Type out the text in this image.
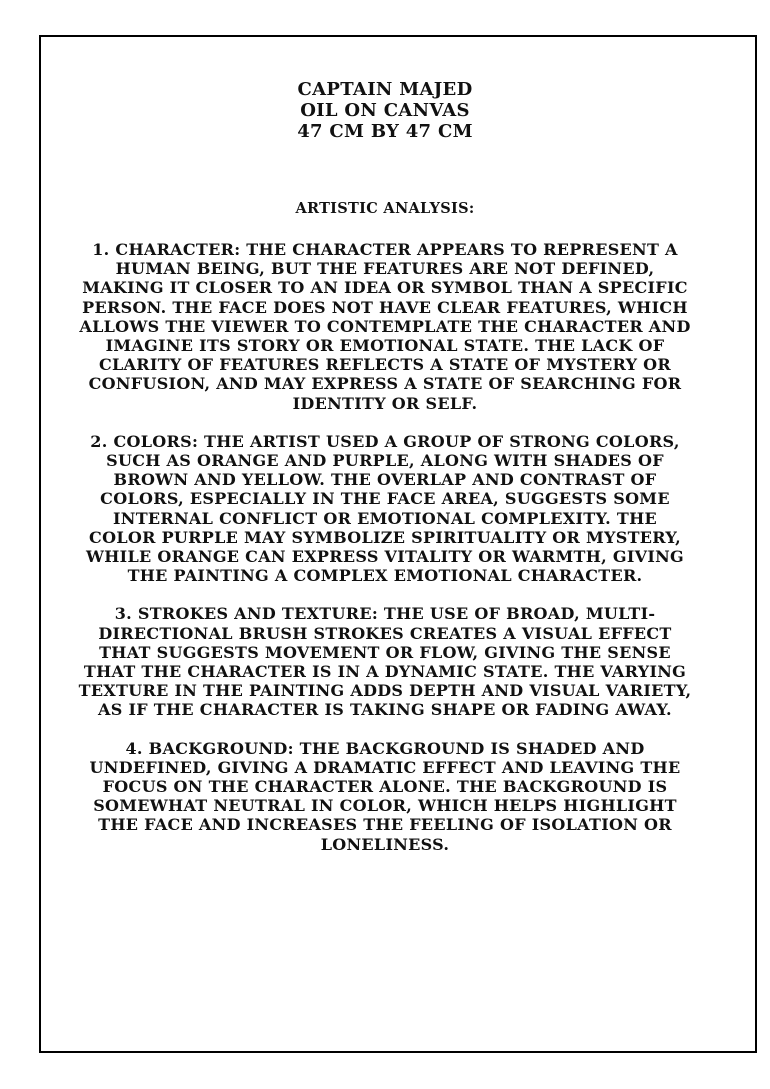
CAPTAIN MAJED
OIL ON CANVAS
47 CM BY 47 CM
ARTISTIC ANALYSIS:

1. CHARACTER: THE CHARACTER APPEARS TO REPRESENT A HUMAN BEING, BUT THE FEATURES ARE NOT DEFINED, MAKING IT CLOSER TO AN IDEA OR SYMBOL THAN A SPECIFIC PERSON. THE FACE DOES NOT HAVE CLEAR FEATURES, WHICH ALLOWS THE VIEWER TO CONTEMPLATE THE CHARACTER AND IMAGINE ITS STORY OR EMOTIONAL STATE. THE LACK OF CLARITY OF FEATURES REFLECTS A STATE OF MYSTERY OR CONFUSION, AND MAY EXPRESS A STATE OF SEARCHING FOR IDENTITY OR SELF.

2. COLORS: THE ARTIST USED A GROUP OF STRONG COLORS, SUCH AS ORANGE AND PURPLE, ALONG WITH SHADES OF BROWN AND YELLOW. THE OVERLAP AND CONTRAST OF COLORS, ESPECIALLY IN THE FACE AREA, SUGGESTS SOME INTERNAL CONFLICT OR EMOTIONAL COMPLEXITY. THE COLOR PURPLE MAY SYMBOLIZE SPIRITUALITY OR MYSTERY, WHILE ORANGE CAN EXPRESS VITALITY OR WARMTH, GIVING THE PAINTING A COMPLEX EMOTIONAL CHARACTER.

3. STROKES AND TEXTURE: THE USE OF BROAD, MULTI-DIRECTIONAL BRUSH STROKES CREATES A VISUAL EFFECT THAT SUGGESTS MOVEMENT OR FLOW, GIVING THE SENSE THAT THE CHARACTER IS IN A DYNAMIC STATE. THE VARYING TEXTURE IN THE PAINTING ADDS DEPTH AND VISUAL VARIETY, AS IF THE CHARACTER IS TAKING SHAPE OR FADING AWAY.

4. BACKGROUND: THE BACKGROUND IS SHADED AND UNDEFINED, GIVING A DRAMATIC EFFECT AND LEAVING THE FOCUS ON THE CHARACTER ALONE. THE BACKGROUND IS SOMEWHAT NEUTRAL IN COLOR, WHICH HELPS HIGHLIGHT THE FACE AND INCREASES THE FEELING OF ISOLATION OR LONELINESS.
